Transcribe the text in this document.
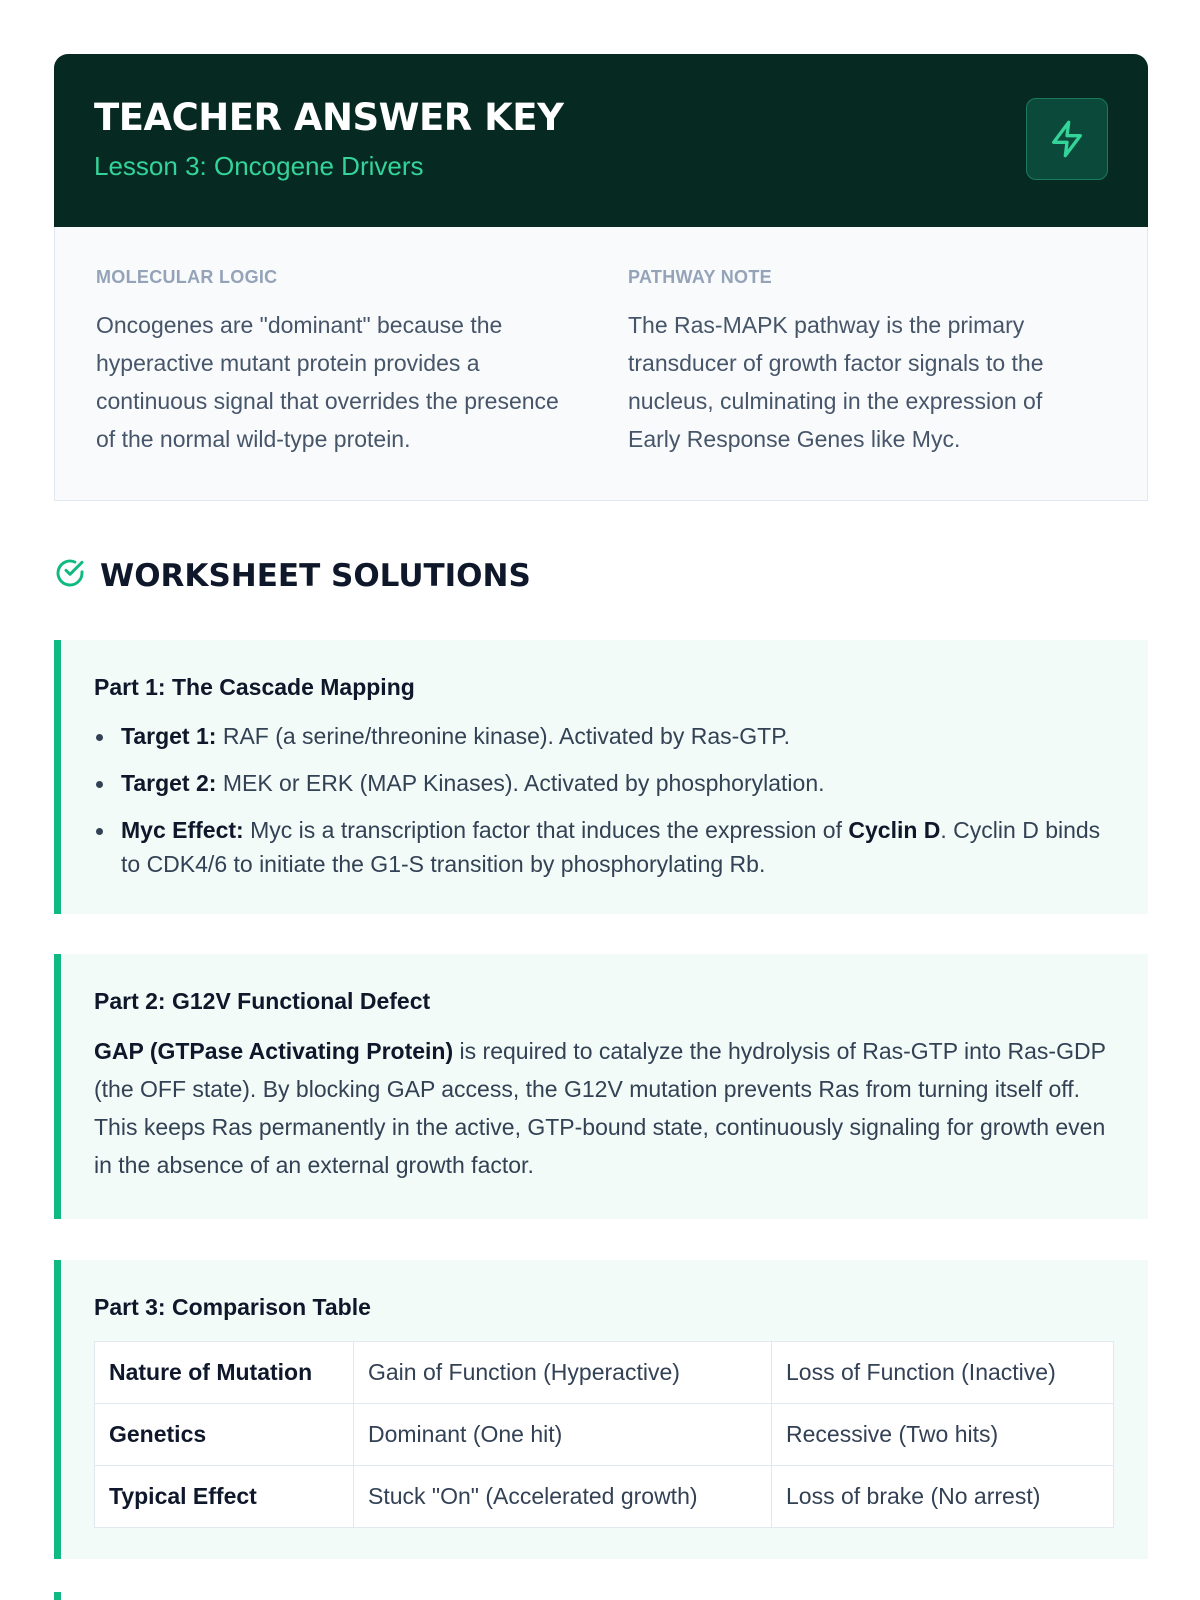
TEACHER ANSWER KEY
Lesson 3: Oncogene Drivers
MOLECULAR LOGIC
Oncogenes are "dominant" because the hyperactive mutant protein provides a continuous signal that overrides the presence of the normal wild-type protein.
PATHWAY NOTE
The Ras-MAPK pathway is the primary transducer of growth factor signals to the nucleus, culminating in the expression of Early Response Genes like Myc.
WORKSHEET SOLUTIONS
Part 1: The Cascade Mapping
Target 1: RAF (a serine/threonine kinase). Activated by Ras-GTP.
Target 2: MEK or ERK (MAP Kinases). Activated by phosphorylation.
Myc Effect: Myc is a transcription factor that induces the expression of Cyclin D. Cyclin D binds to CDK4/6 to initiate the G1-S transition by phosphorylating Rb.
Part 2: G12V Functional Defect

GAP (GTPase Activating Protein) is required to catalyze the hydrolysis of Ras-GTP into Ras-GDP (the OFF state). By blocking GAP access, the G12V mutation prevents Ras from turning itself off. This keeps Ras permanently in the active, GTP-bound state, continuously signaling for growth even in the absence of an external growth factor.

Part 3: Comparison Table
Nature of Mutation	Gain of Function (Hyperactive)	Loss of Function (Inactive)
Genetics	Dominant (One hit)	Recessive (Two hits)
Typical Effect	Stuck "On" (Accelerated growth)	Loss of brake (No arrest)
